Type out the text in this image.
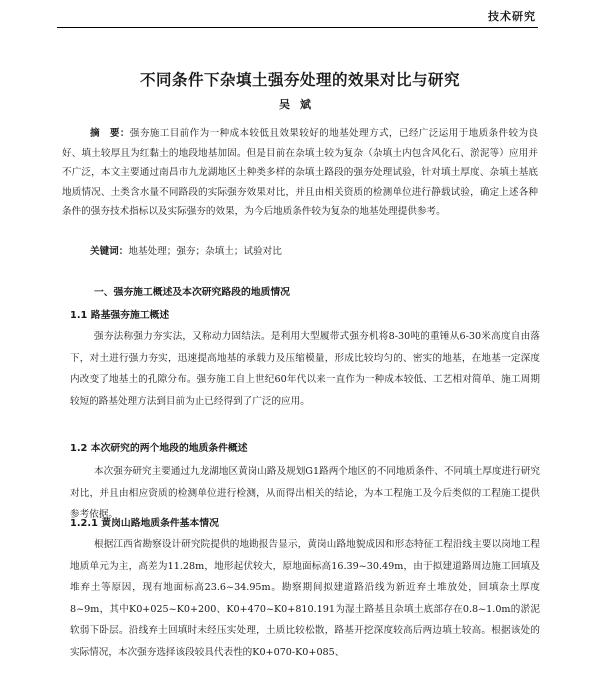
技术研究
不同条件下杂填土强夯处理的效果对比与研究
吴斌

摘　要：强夯施工目前作为一种成本较低且效果较好的地基处理方式，已经广泛运用于地质条件较为良好、填土较厚且为红黏土的地段地基加固。但是目前在杂填土较为复杂（杂填土内包含风化石、淤泥等）应用并不广泛，本文主要通过南昌市九龙湖地区土种类多样的杂填土路段的强夯处理试验，针对填土厚度、杂填土基底地质情况、土类含水量不同路段的实际强夯效果对比，并且由相关资质的检测单位进行静载试验，确定上述各种条件的强夯技术指标以及实际强夯的效果，为今后地质条件较为复杂的地基处理提供参考。

关键词：地基处理；强夯；杂填土；试验对比

一、强夯施工概述及本次研究路段的地质情况
1.1 路基强夯施工概述

强夯法称强力夯实法，又称动力固结法。是利用大型履带式强夯机将8-30吨的重锤从6-30米高度自由落下，对土进行强力夯实，迅速提高地基的承载力及压缩模量，形成比较均匀的、密实的地基，在地基一定深度内改变了地基土的孔隙分布。强夯施工自上世纪60年代以来一直作为一种成本较低、工艺相对简单、施工周期较短的路基处理方法到目前为止已经得到了广泛的应用。

1.2 本次研究的两个地段的地质条件概述

本次强夯研究主要通过九龙湖地区黄岗山路及规划G1路两个地区的不同地质条件、不同填土厚度进行研究对比，并且由相应资质的检测单位进行检测，从而得出相关的结论，为本工程施工及今后类似的工程施工提供参考依据。

1.2.1 黄岗山路地质条件基本情况

根据江西省勘察设计研究院提供的地勘报告显示，黄岗山路地貌成因和形态特征工程沿线主要以岗地工程地质单元为主，高差为11.28m，地形起伏较大，原地面标高16.39~30.49m，由于拟建道路周边施工回填及堆弃土等原因，现有地面标高23.6~34.95m。勘察期间拟建道路沿线为新近弃土堆放处，回填杂土厚度8~9m，其中K0+025~K0+200、K0+470~K0+810.191为湿土路基且杂填土底部存在0.8~1.0m的淤泥软弱下卧层。沿线弃土回填时未经压实处理，土质比较松散，路基开挖深度较高后两边填土较高。根据该处的实际情况，本次强夯选择该段较具代表性的K0+070-K0+085、
